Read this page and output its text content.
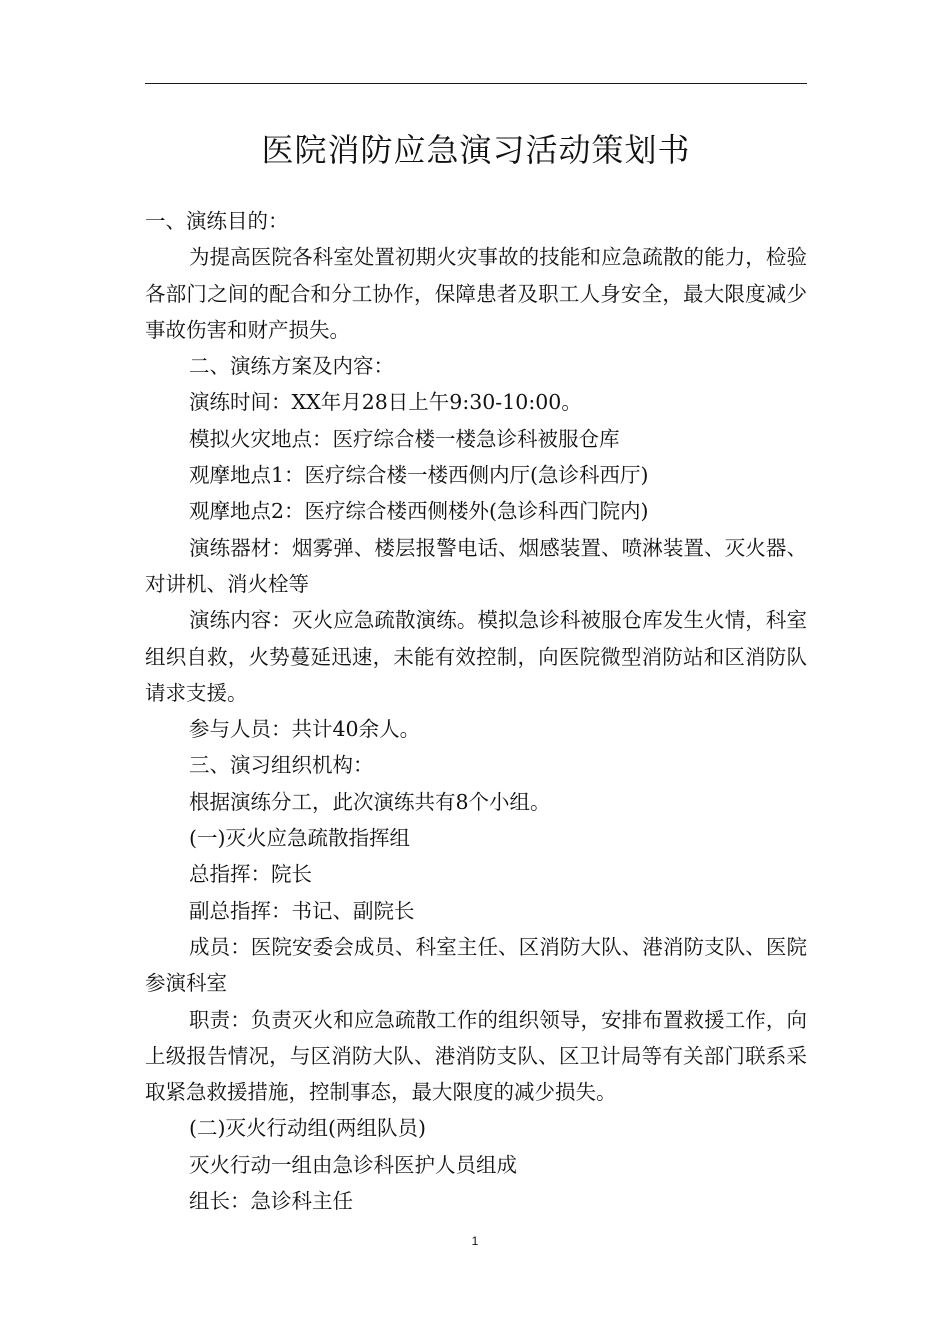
医院消防应急演习活动策划书

一、演练目的：

为提高医院各科室处置初期火灾事故的技能和应急疏散的能力，检验各部门之间的配合和分工协作，保障患者及职工人身安全，最大限度减少事故伤害和财产损失。

二、演练方案及内容：

演练时间：XX年月28日上午9:30-10:00。

模拟火灾地点：医疗综合楼一楼急诊科被服仓库

观摩地点1：医疗综合楼一楼西侧内厅(急诊科西厅)

观摩地点2：医疗综合楼西侧楼外(急诊科西门院内)

演练器材：烟雾弹、楼层报警电话、烟感装置、喷淋装置、灭火器、对讲机、消火栓等

演练内容：灭火应急疏散演练。模拟急诊科被服仓库发生火情，科室组织自救，火势蔓延迅速，未能有效控制，向医院微型消防站和区消防队请求支援。

参与人员：共计40余人。

三、演习组织机构：

根据演练分工，此次演练共有8个小组。

(一)灭火应急疏散指挥组

总指挥：院长

副总指挥：书记、副院长

成员：医院安委会成员、科室主任、区消防大队、港消防支队、医院参演科室

职责：负责灭火和应急疏散工作的组织领导，安排布置救援工作，向上级报告情况，与区消防大队、港消防支队、区卫计局等有关部门联系采取紧急救援措施，控制事态，最大限度的减少损失。

(二)灭火行动组(两组队员)

灭火行动一组由急诊科医护人员组成

组长：急诊科主任

1
